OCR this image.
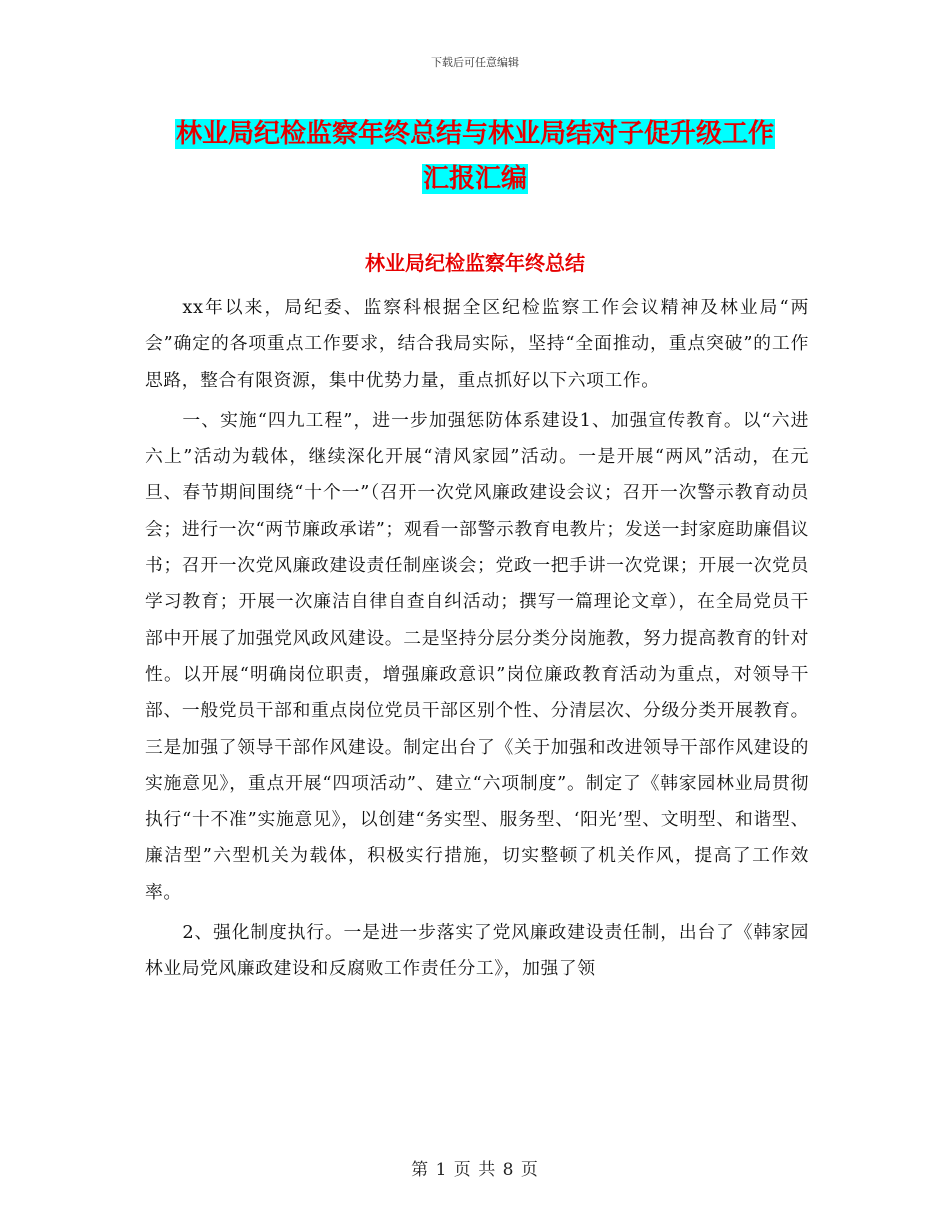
下载后可任意编辑
林业局纪检监察年终总结与林业局结对子促升级工作
汇报汇编
林业局纪检监察年终总结

xx年以来，局纪委、监察科根据全区纪检监察工作会议精神及林业局“两会”确定的各项重点工作要求，结合我局实际，坚持“全面推动，重点突破”的工作思路，整合有限资源，集中优势力量，重点抓好以下六项工作。

一、实施“四九工程”，进一步加强惩防体系建设1、加强宣传教育。以“六进六上”活动为载体，继续深化开展“清风家园”活动。一是开展“两风”活动，在元旦、春节期间围绕“十个一”（召开一次党风廉政建设会议；召开一次警示教育动员会；进行一次“两节廉政承诺”；观看一部警示教育电教片；发送一封家庭助廉倡议书；召开一次党风廉政建设责任制座谈会；党政一把手讲一次党课；开展一次党员学习教育；开展一次廉洁自律自查自纠活动；撰写一篇理论文章），在全局党员干部中开展了加强党风政风建设。二是坚持分层分类分岗施教，努力提高教育的针对性。以开展“明确岗位职责，增强廉政意识”岗位廉政教育活动为重点，对领导干部、一般党员干部和重点岗位党员干部区别个性、分清层次、分级分类开展教育。三是加强了领导干部作风建设。制定出台了《关于加强和改进领导干部作风建设的实施意见》，重点开展“四项活动”、建立“六项制度”。制定了《韩家园林业局贯彻执行“十不准”实施意见》，以创建“务实型、服务型、‘阳光’型、文明型、和谐型、廉洁型”六型机关为载体，积极实行措施，切实整顿了机关作风，提高了工作效率。

2、强化制度执行。一是进一步落实了党风廉政建设责任制，出台了《韩家园林业局党风廉政建设和反腐败工作责任分工》，加强了领

第 1 页 共 8 页
